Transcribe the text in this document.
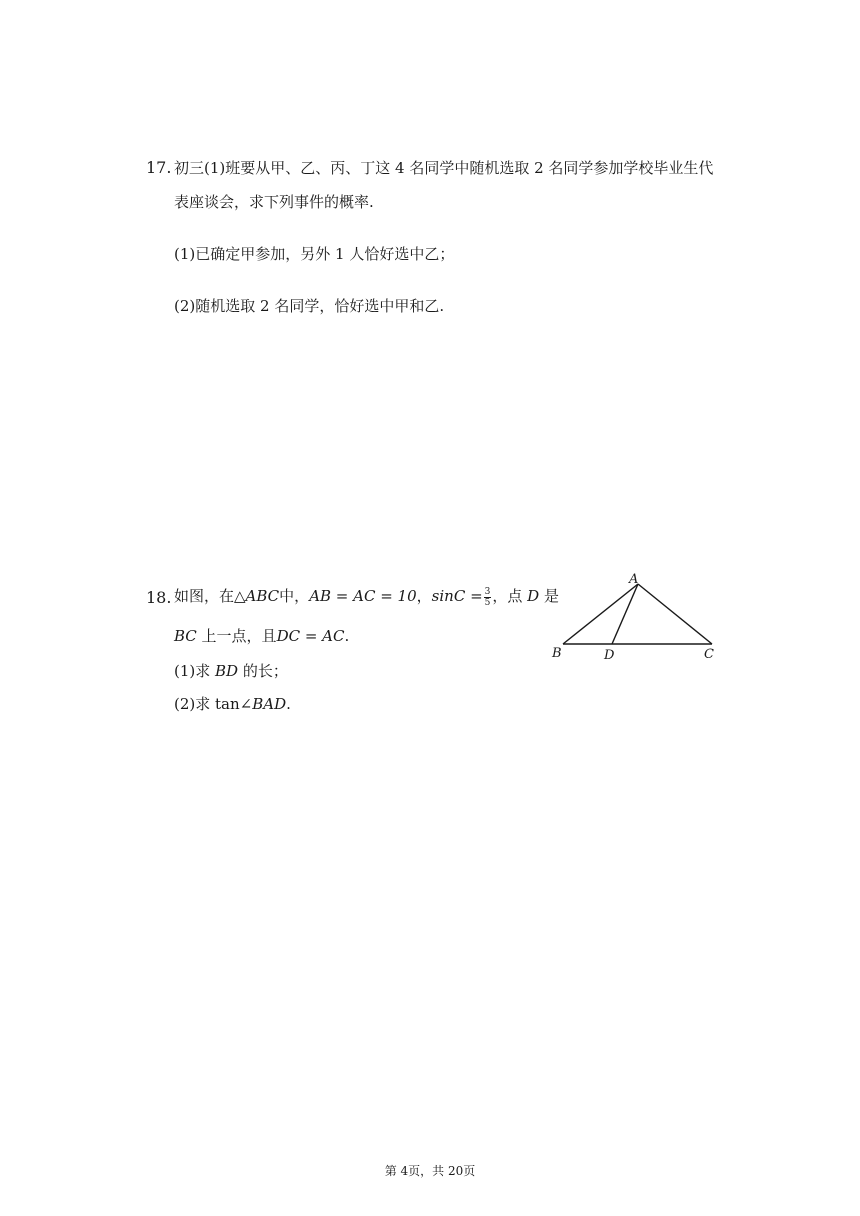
17. 初三(1)班要从甲、乙、丙、丁这 4 名同学中随机选取 2 名同学参加学校毕业生代
表座谈会，求下列事件的概率.
(1)已确定甲参加，另外 1 人恰好选中乙；
(2)随机选取 2 名同学，恰好选中甲和乙.
18. 如图，在△ABC中，AB = AC = 10，$\sin C = \frac{3}{5}$ ，点 D 是
BC 上一点，且DC = AC.
(1)求 BD 的长；
(2)求 tan∠BAD.
A
B	D	C
第 4页，共 20页
